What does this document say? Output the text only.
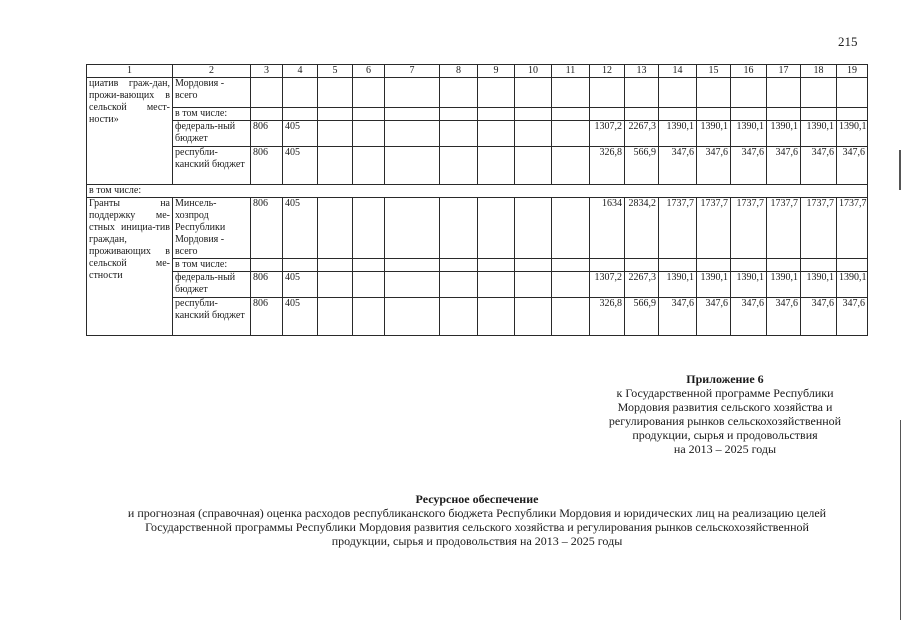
215
1	2	3	4	5	6	7	8	9	10	11	12	13	14	15	16	17	18	19
циатив граж-дан, прожи-вающих в сельской мест-ности»	Мордовия - всего																	
	в том числе:																	
	федераль-ный бюджет	806	405								1307,2	2267,3	1390,1	1390,1	1390,1	1390,1	1390,1	1390,1
	республи-канский бюджет	806	405								326,8	566,9	347,6	347,6	347,6	347,6	347,6	347,6
в том числе:																		
Гранты на поддержку ме-стных инициа-тив граждан, проживающих в сельской ме-стности	Минсель-хозпрод Республики Мордовия - всего	806	405								1634	2834,2	1737,7	1737,7	1737,7	1737,7	1737,7	1737,7
	в том числе:																	
	федераль-ный бюджет	806	405								1307,2	2267,3	1390,1	1390,1	1390,1	1390,1	1390,1	1390,1
	республи-канский бюджет	806	405								326,8	566,9	347,6	347,6	347,6	347,6	347,6	347,6
Приложение 6
к Государственной программе Республики
Мордовия развития сельского хозяйства и
регулирования рынков сельскохозяйственной
продукции, сырья и продовольствия
на 2013 – 2025 годы
Ресурсное обеспечение
и прогнозная (справочная) оценка расходов республиканского бюджета Республики Мордовия и юридических лиц на реализацию целей
Государственной программы Республики Мордовия развития сельского хозяйства и регулирования рынков сельскохозяйственной
продукции, сырья и продовольствия на 2013 – 2025 годы
